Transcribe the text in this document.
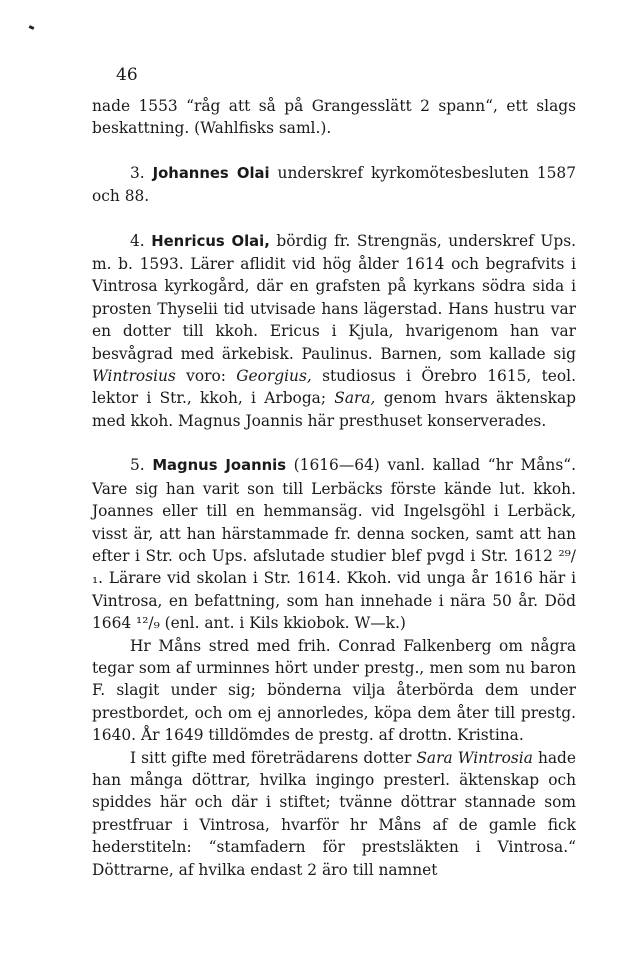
46

nade 1553 “råg att så på Grangesslätt 2 spann“, ett slags beskattning. (Wahlfisks saml.).

3. Johannes Olai underskref kyrkomötesbesluten 1587 och 88.

4. Henricus Olai, bördig fr. Strengnäs, underskref Ups. m. b. 1593. Lärer aflidit vid hög ålder 1614 och begrafvits i Vintrosa kyrkogård, där en grafsten på kyrkans södra sida i prosten Thyselii tid utvisade hans lägerstad. Hans hustru var en dotter till kkoh. Ericus i Kjula, hvarigenom han var besvågrad med ärkebisk. Paulinus. Barnen, som kallade sig Wintrosius voro: Georgius, studiosus i Örebro 1615, teol. lektor i Str., kkoh, i Arboga; Sara, genom hvars äktenskap med kkoh. Magnus Joannis här presthuset konserverades.

5. Magnus Joannis (1616—64) vanl. kallad “hr Måns“. Vare sig han varit son till Lerbäcks förste kände lut. kkoh. Joannes eller till en hemmansäg. vid Ingelsgöhl i Lerbäck, visst är, att han härstammade fr. denna socken, samt att han efter i Str. och Ups. afslutade studier blef pvgd i Str. 1612 ²⁹/₁. Lärare vid skolan i Str. 1614. Kkoh. vid unga år 1616 här i Vintrosa, en befattning, som han innehade i nära 50 år. Död 1664 ¹²/₉ (enl. ant. i Kils kkiobok. W—k.)

Hr Måns stred med frih. Conrad Falkenberg om några tegar som af urminnes hört under prestg., men som nu baron F. slagit under sig; bönderna vilja återbörda dem under prestbordet, och om ej annorledes, köpa dem åter till prestg. 1640. År 1649 tilldömdes de prestg. af drottn. Kristina.

I sitt gifte med företrädarens dotter Sara Wintrosia hade han många döttrar, hvilka ingingo presterl. äktenskap och spiddes här och där i stiftet; tvänne döttrar stannade som prestfruar i Vintrosa, hvarför hr Måns af de gamle fick hederstiteln: “stamfadern för prestsläkten i Vintrosa.“ Döttrarne, af hvilka endast 2 äro till namnet
